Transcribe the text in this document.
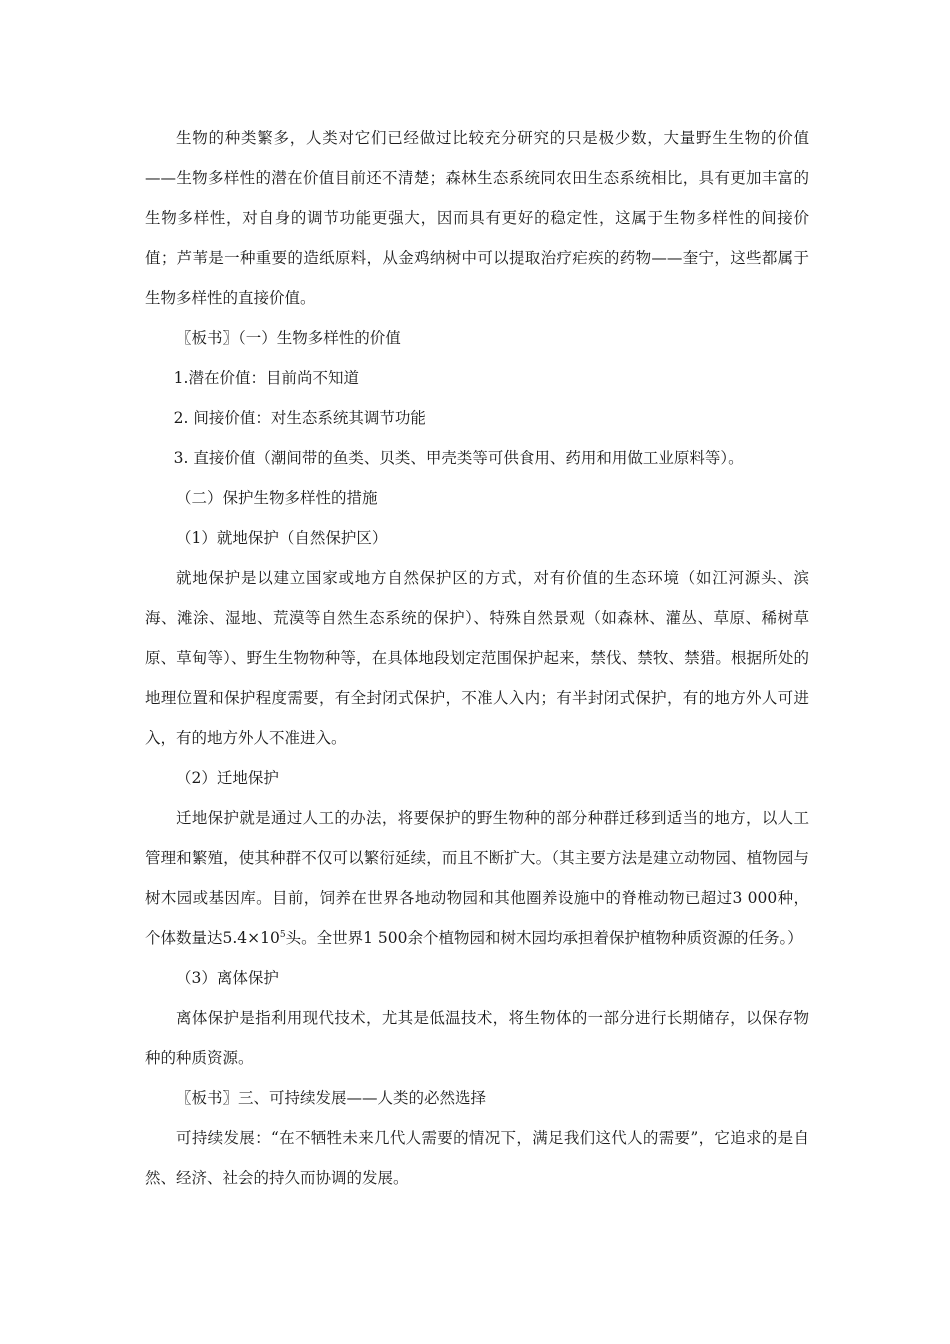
生物的种类繁多，人类对它们已经做过比较充分研究的只是极少数，大量野生生物的价值——生物多样性的潜在价值目前还不清楚；森林生态系统同农田生态系统相比，具有更加丰富的生物多样性，对自身的调节功能更强大，因而具有更好的稳定性，这属于生物多样性的间接价值；芦苇是一种重要的造纸原料，从金鸡纳树中可以提取治疗疟疾的药物——奎宁，这些都属于生物多样性的直接价值。

〖板书〗（一）生物多样性的价值

1.潜在价值：目前尚不知道

2. 间接价值：对生态系统其调节功能

3. 直接价值（潮间带的鱼类、贝类、甲壳类等可供食用、药用和用做工业原料等）。

（二）保护生物多样性的措施

（1）就地保护（自然保护区）

就地保护是以建立国家或地方自然保护区的方式，对有价值的生态环境（如江河源头、滨海、滩涂、湿地、荒漠等自然生态系统的保护）、特殊自然景观（如森林、灌丛、草原、稀树草原、草甸等）、野生生物物种等，在具体地段划定范围保护起来，禁伐、禁牧、禁猎。根据所处的地理位置和保护程度需要，有全封闭式保护，不准人入内；有半封闭式保护，有的地方外人可进入，有的地方外人不准进入。

（2）迁地保护

迁地保护就是通过人工的办法，将要保护的野生物种的部分种群迁移到适当的地方，以人工管理和繁殖，使其种群不仅可以繁衍延续，而且不断扩大。（其主要方法是建立动物园、植物园与树木园或基因库。目前，饲养在世界各地动物园和其他圈养设施中的脊椎动物已超过3 000种，个体数量达$5.4\times 10^5$头。全世界1 500余个植物园和树木园均承担着保护植物种质资源的任务。）

（3）离体保护

离体保护是指利用现代技术，尤其是低温技术，将生物体的一部分进行长期储存，以保存物种的种质资源。

〖板书〗三、可持续发展——人类的必然选择

可持续发展：“在不牺牲未来几代人需要的情况下，满足我们这代人的需要”，它追求的是自然、经济、社会的持久而协调的发展。
